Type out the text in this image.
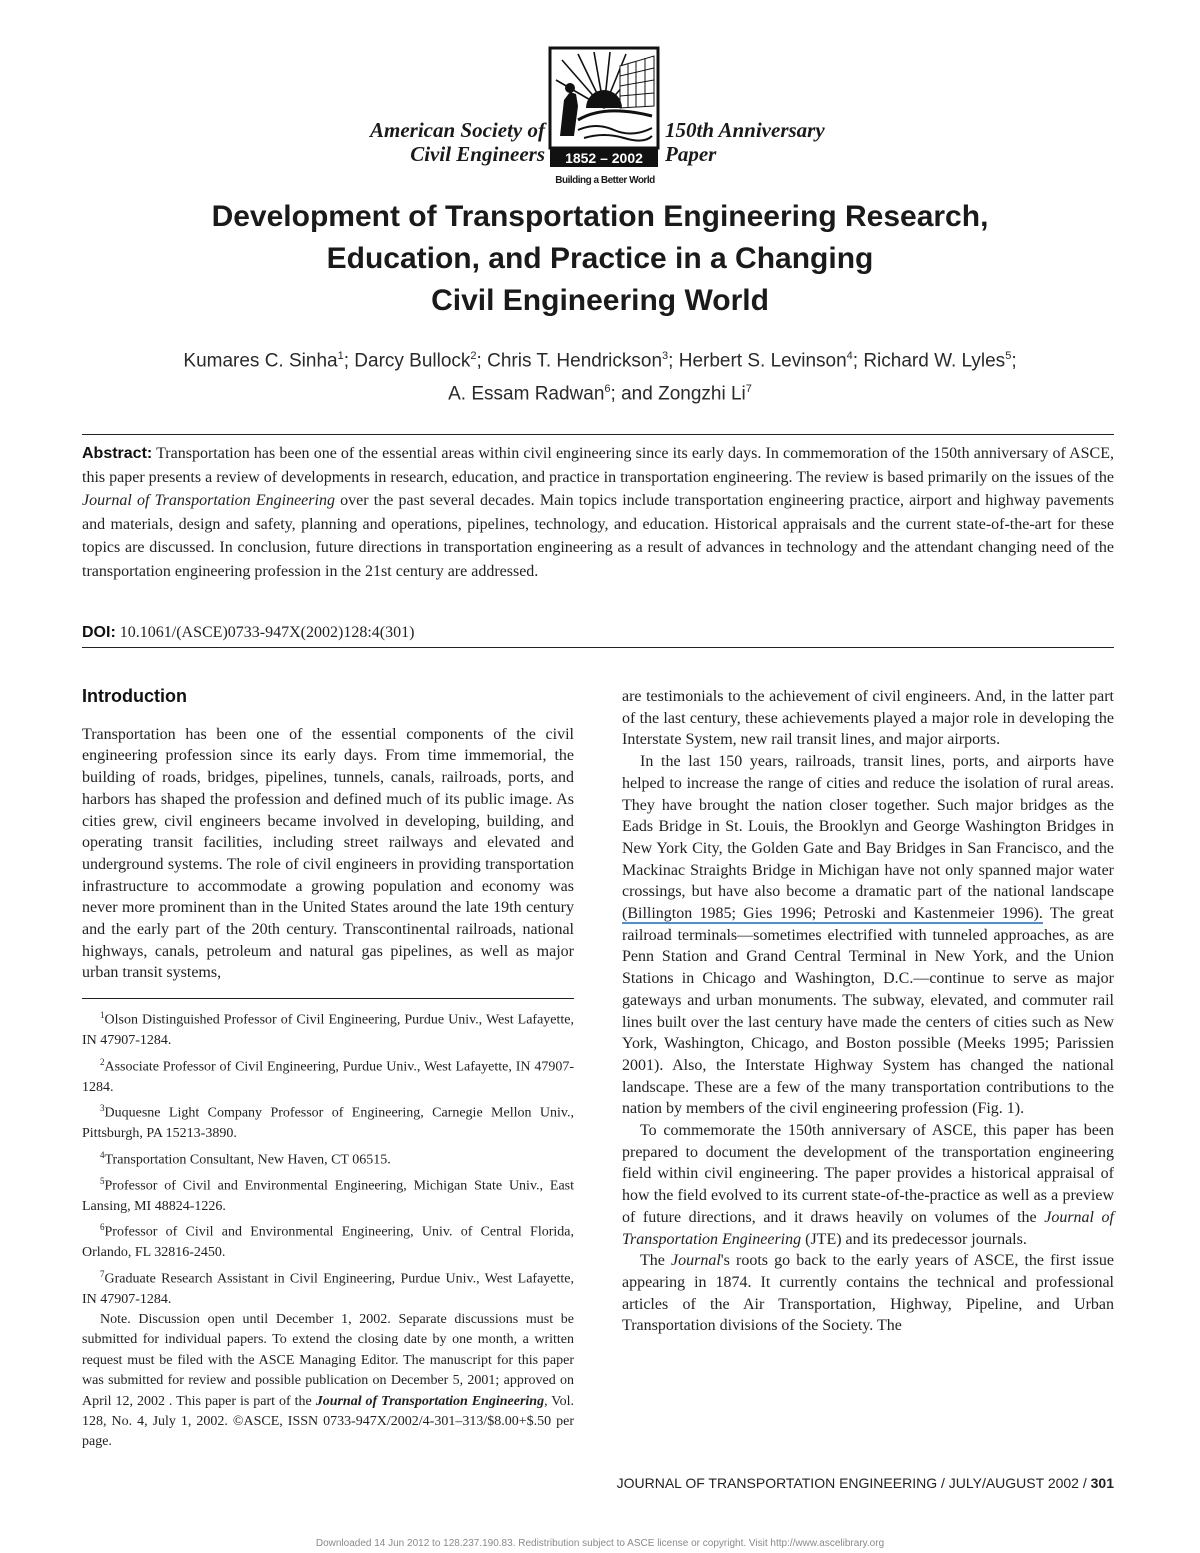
American Society of
Civil Engineers 1852 – 2002
Building a Better World
150th Anniversary
Paper
Development of Transportation Engineering Research,
Education, and Practice in a Changing
Civil Engineering World
Kumares C. Sinha$^1$; Darcy Bullock$^2$; Chris T. Hendrickson$^3$; Herbert S. Levinson$^4$; Richard W. Lyles$^5$;
A. Essam Radwan$^6$; and Zongzhi Li$^7$

Abstract: Transportation has been one of the essential areas within civil engineering since its early days. In commemoration of the 150th anniversary of ASCE, this paper presents a review of developments in research, education, and practice in transportation engineering. The review is based primarily on the issues of the Journal of Transportation Engineering over the past several decades. Main topics include transportation engineering practice, airport and highway pavements and materials, design and safety, planning and operations, pipelines, technology, and education. Historical appraisals and the current state-of-the-art for these topics are discussed. In conclusion, future directions in transportation engineering as a result of advances in technology and the attendant changing need of the transportation engineering profession in the 21st century are addressed.

DOI: 10.1061/(ASCE)0733-947X(2002)128:4(301)
Introduction

Transportation has been one of the essential components of the civil engineering profession since its early days. From time immemorial, the building of roads, bridges, pipelines, tunnels, canals, railroads, ports, and harbors has shaped the profession and defined much of its public image. As cities grew, civil engineers became involved in developing, building, and operating transit facilities, including street railways and elevated and underground systems. The role of civil engineers in providing transportation infrastructure to accommodate a growing population and economy was never more prominent than in the United States around the late 19th century and the early part of the 20th century. Transcontinental railroads, national highways, canals, petroleum and natural gas pipelines, as well as major urban transit systems,

$^1$Olson Distinguished Professor of Civil Engineering, Purdue Univ., West Lafayette, IN 47907-1284.

$^2$Associate Professor of Civil Engineering, Purdue Univ., West Lafayette, IN 47907-1284.

$^3$Duquesne Light Company Professor of Engineering, Carnegie Mellon Univ., Pittsburgh, PA 15213-3890.

$^4$Transportation Consultant, New Haven, CT 06515.

$^5$Professor of Civil and Environmental Engineering, Michigan State Univ., East Lansing, MI 48824-1226.

$^6$Professor of Civil and Environmental Engineering, Univ. of Central Florida, Orlando, FL 32816-2450.

$^7$Graduate Research Assistant in Civil Engineering, Purdue Univ., West Lafayette, IN 47907-1284.

Note. Discussion open until December 1, 2002. Separate discussions must be submitted for individual papers. To extend the closing date by one month, a written request must be filed with the ASCE Managing Editor. The manuscript for this paper was submitted for review and possible publication on December 5, 2001; approved on April 12, 2002 . This paper is part of the Journal of Transportation Engineering, Vol. 128, No. 4, July 1, 2002. ©ASCE, ISSN 0733-947X/2002/4-301–313/$8.00+$.50 per page.

are testimonials to the achievement of civil engineers. And, in the latter part of the last century, these achievements played a major role in developing the Interstate System, new rail transit lines, and major airports.

In the last 150 years, railroads, transit lines, ports, and airports have helped to increase the range of cities and reduce the isolation of rural areas. They have brought the nation closer together. Such major bridges as the Eads Bridge in St. Louis, the Brooklyn and George Washington Bridges in New York City, the Golden Gate and Bay Bridges in San Francisco, and the Mackinac Straights Bridge in Michigan have not only spanned major water crossings, but have also become a dramatic part of the national landscape (Billington 1985; Gies 1996; Petroski and Kastenmeier 1996). The great railroad terminals—sometimes electrified with tunneled approaches, as are Penn Station and Grand Central Terminal in New York, and the Union Stations in Chicago and Washington, D.C.—continue to serve as major gateways and urban monuments. The subway, elevated, and commuter rail lines built over the last century have made the centers of cities such as New York, Washington, Chicago, and Boston possible (Meeks 1995; Parissien 2001). Also, the Interstate Highway System has changed the national landscape. These are a few of the many transportation contributions to the nation by members of the civil engineering profession (Fig. 1).

To commemorate the 150th anniversary of ASCE, this paper has been prepared to document the development of the transportation engineering field within civil engineering. The paper provides a historical appraisal of how the field evolved to its current state-of-the-practice as well as a preview of future directions, and it draws heavily on volumes of the Journal of Transportation Engineering (JTE) and its predecessor journals.

The Journal's roots go back to the early years of ASCE, the first issue appearing in 1874. It currently contains the technical and professional articles of the Air Transportation, Highway, Pipeline, and Urban Transportation divisions of the Society. The

JOURNAL OF TRANSPORTATION ENGINEERING / JULY/AUGUST 2002 / 301
Downloaded 14 Jun 2012 to 128.237.190.83. Redistribution subject to ASCE license or copyright. Visit http://www.ascelibrary.org
